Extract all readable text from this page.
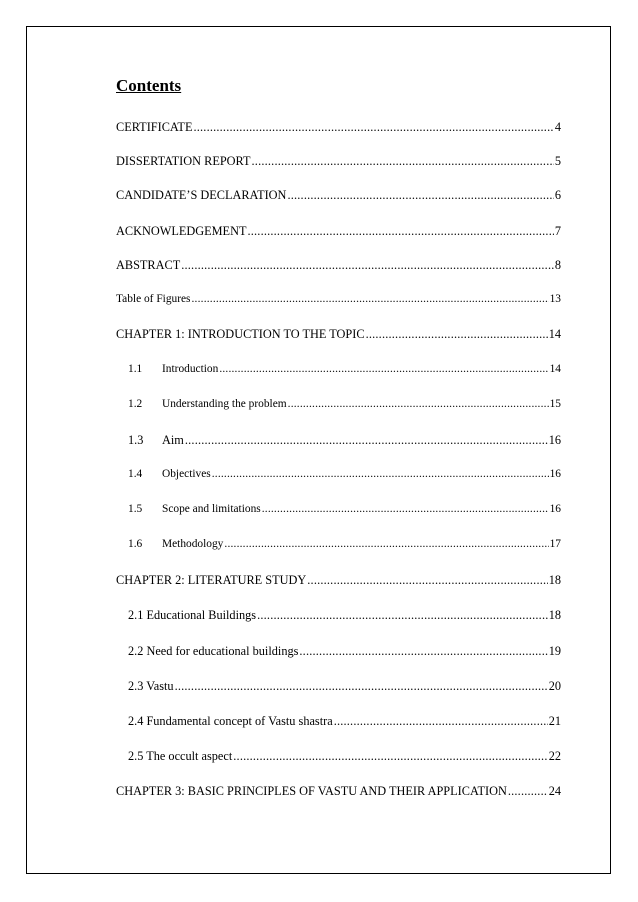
Contents
CERTIFICATE .....	4
DISSERTATION REPORT .....	5
CANDIDATE’S DECLARATION .....	6
ACKNOWLEDGEMENT .....	7
ABSTRACT .....	8
Table of Figures .....	13
CHAPTER 1: INTRODUCTION TO THE TOPIC .....	14
1.1	Introduction .....	14
1.2	Understanding the problem .....	15
1.3	Aim .....	16
1.4	Objectives .....	16
1.5	Scope and limitations .....	16
1.6	Methodology .....	17
CHAPTER 2: LITERATURE STUDY .....	18
2.1 Educational Buildings .....	18
2.2 Need for educational buildings .....	19
2.3 Vastu .....	20
2.4 Fundamental concept of Vastu shastra .....	21
2.5 The occult aspect .....	22
CHAPTER 3: BASIC PRINCIPLES OF VASTU AND THEIR APPLICATION .....	24
